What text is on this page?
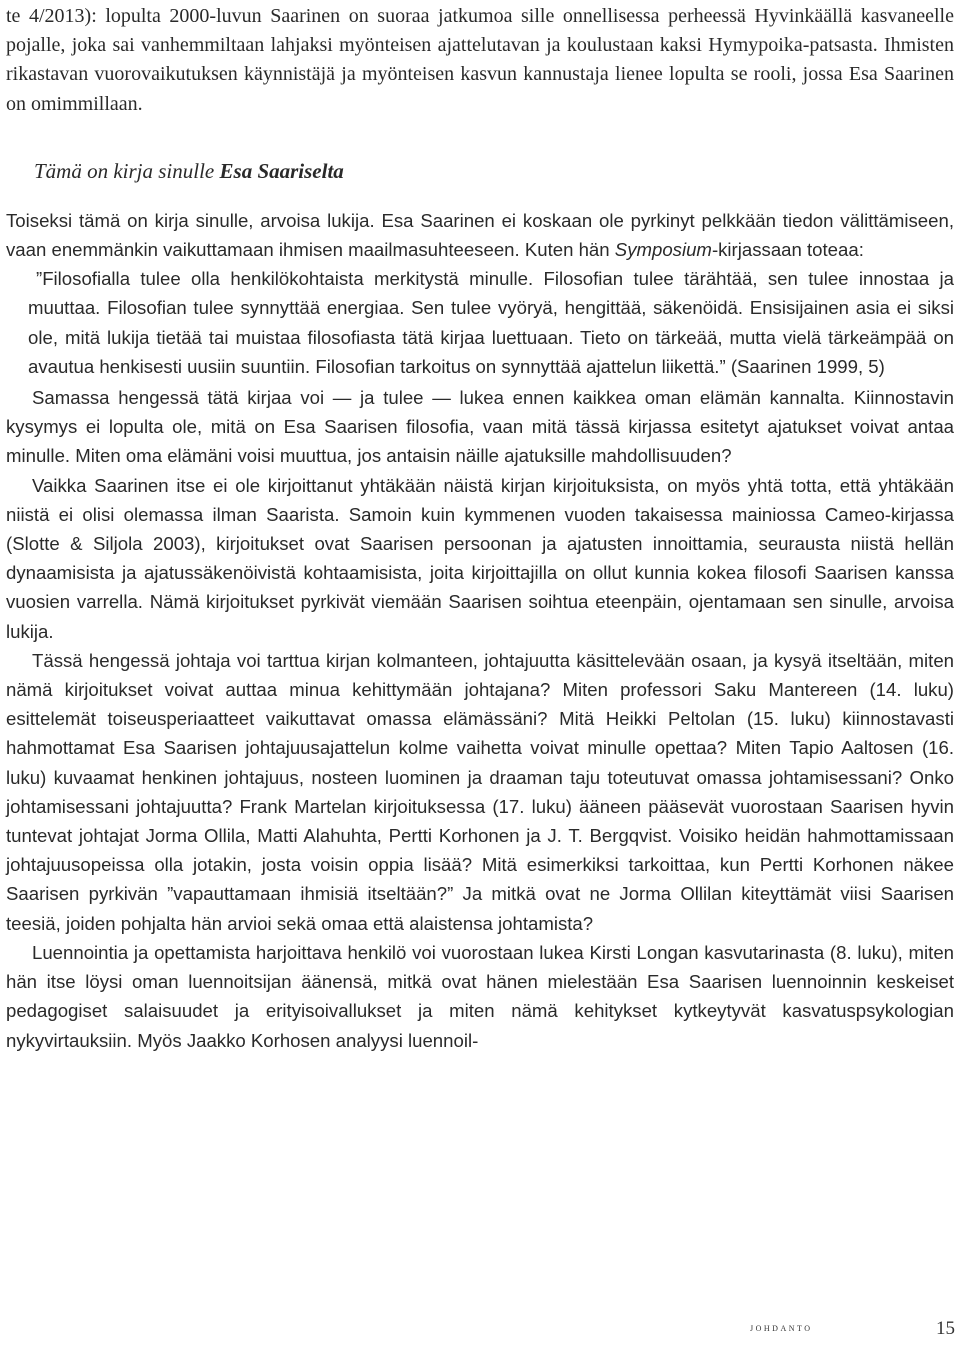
te 4/2013): lopulta 2000-luvun Saarinen on suoraa jatkumoa sille onnellisessa perheessä Hyvinkäällä kasvaneelle pojalle, joka sai vanhemmiltaan lahjaksi myönteisen ajattelutavan ja koulustaan kaksi Hymypoika-patsasta. Ihmisten rikastavan vuorovaikutuksen käynnistäjä ja myönteisen kasvun kannustaja lienee lopulta se rooli, jossa Esa Saarinen on omimmillaan.

Tämä on kirja sinulle Esa Saariselta

Toiseksi tämä on kirja sinulle, arvoisa lukija. Esa Saarinen ei koskaan ole pyrkinyt pelkkään tiedon välittämiseen, vaan enemmänkin vaikuttamaan ihmisen maailmasuhteeseen. Kuten hän Symposium-kirjassaan toteaa:

”Filosofialla tulee olla henkilökohtaista merkitystä minulle. Filosofian tulee tärähtää, sen tulee innostaa ja muuttaa. Filosofian tulee synnyttää energiaa. Sen tulee vyöryä, hengittää, säkenöidä. Ensisijainen asia ei siksi ole, mitä lukija tietää tai muistaa filosofiasta tätä kirjaa luettuaan. Tieto on tärkeää, mutta vielä tärkeämpää on avautua henkisesti uusiin suuntiin. Filosofian tarkoitus on synnyttää ajattelun liikettä.” (Saarinen 1999, 5)

Samassa hengessä tätä kirjaa voi — ja tulee — lukea ennen kaikkea oman elämän kannalta. Kiinnostavin kysymys ei lopulta ole, mitä on Esa Saarisen filosofia, vaan mitä tässä kirjassa esitetyt ajatukset voivat antaa minulle. Miten oma elämäni voisi muuttua, jos antaisin näille ajatuksille mahdollisuuden?

Vaikka Saarinen itse ei ole kirjoittanut yhtäkään näistä kirjan kirjoituksista, on myös yhtä totta, että yhtäkään niistä ei olisi olemassa ilman Saarista. Samoin kuin kymmenen vuoden takaisessa mainiossa Cameo-kirjassa (Slotte & Siljola 2003), kirjoitukset ovat Saarisen persoonan ja ajatusten innoittamia, seurausta niistä hellän dynaamisista ja ajatussäkenöivistä kohtaamisista, joita kirjoittajilla on ollut kunnia kokea filosofi Saarisen kanssa vuosien varrella. Nämä kirjoitukset pyrkivät viemään Saarisen soihtua eteenpäin, ojentamaan sen sinulle, arvoisa lukija.

Tässä hengessä johtaja voi tarttua kirjan kolmanteen, johtajuutta käsittelevään osaan, ja kysyä itseltään, miten nämä kirjoitukset voivat auttaa minua kehittymään johtajana? Miten professori Saku Mantereen (14. luku) esittelemät toiseusperiaatteet vaikuttavat omassa elämässäni? Mitä Heikki Peltolan (15. luku) kiinnostavasti hahmottamat Esa Saarisen johtajuusajattelun kolme vaihetta voivat minulle opettaa? Miten Tapio Aaltosen (16. luku) kuvaamat henkinen johtajuus, nosteen luominen ja draaman taju toteutuvat omassa johtamisessani? Onko johtamisessani johtajuutta? Frank Martelan kirjoituksessa (17. luku) ääneen pääsevät vuorostaan Saarisen hyvin tuntevat johtajat Jorma Ollila, Matti Alahuhta, Pertti Korhonen ja J. T. Bergqvist. Voisiko heidän hahmottamissaan johtajuusopeissa olla jotakin, josta voisin oppia lisää? Mitä esimerkiksi tarkoittaa, kun Pertti Korhonen näkee Saarisen pyrkivän ”vapauttamaan ihmisiä itseltään?” Ja mitkä ovat ne Jorma Ollilan kiteyttämät viisi Saarisen teesiä, joiden pohjalta hän arvioi sekä omaa että alaistensa johtamista?

Luennointia ja opettamista harjoittava henkilö voi vuorostaan lukea Kirsti Longan kasvutarinasta (8. luku), miten hän itse löysi oman luennoitsijan äänensä, mitkä ovat hänen mielestään Esa Saarisen luennoinnin keskeiset pedagogiset salaisuudet ja erityisoivallukset ja miten nämä kehitykset kytkeytyvät kasvatuspsykologian nykyvirtauksiin. Myös Jaakko Korhosen analyysi luennoil-

johdanto	15
